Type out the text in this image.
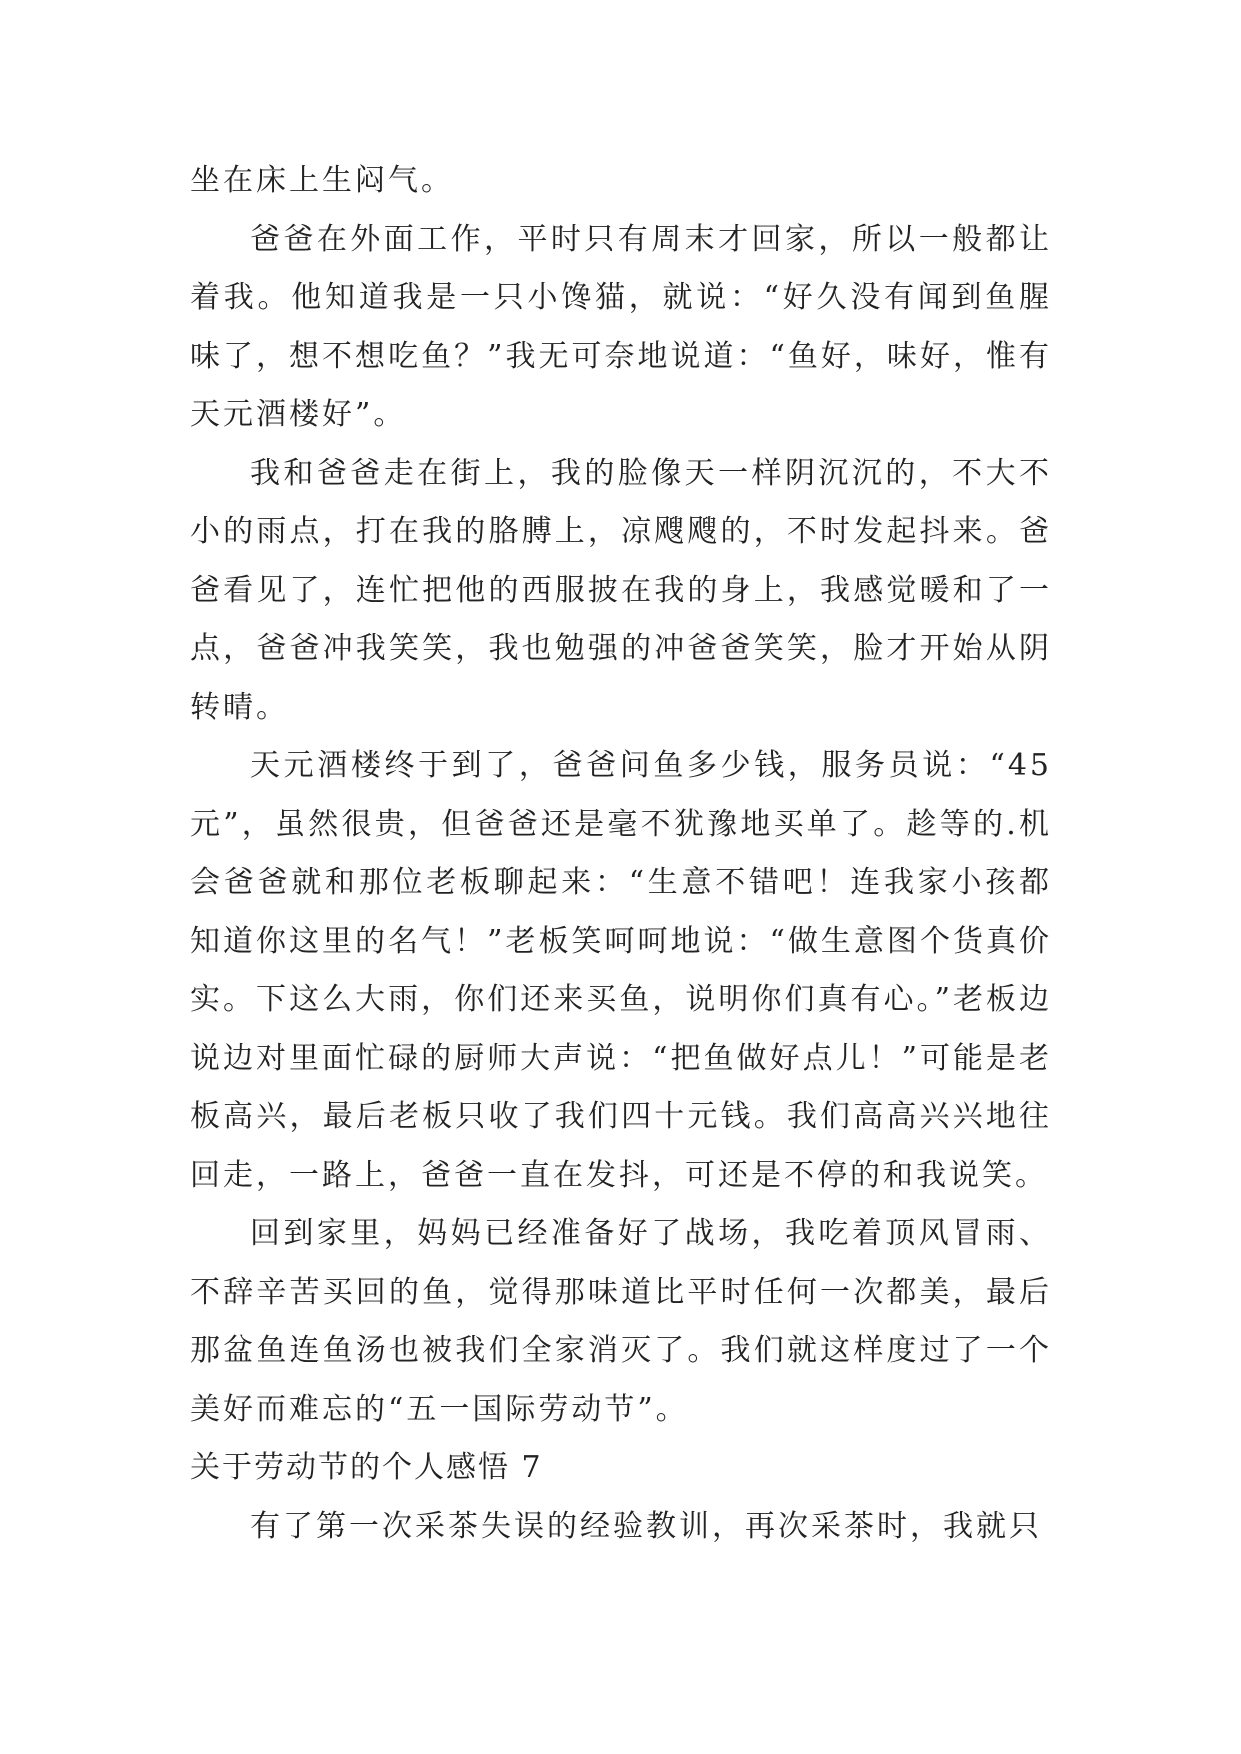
坐在床上生闷气。

爸爸在外面工作，平时只有周末才回家，所以一般都让着我。他知道我是一只小馋猫，就说：“好久没有闻到鱼腥味了，想不想吃鱼？”我无可奈地说道：“鱼好，味好，惟有天元酒楼好”。

我和爸爸走在街上，我的脸像天一样阴沉沉的，不大不小的雨点，打在我的胳膊上，凉飕飕的，不时发起抖来。爸爸看见了，连忙把他的西服披在我的身上，我感觉暖和了一点，爸爸冲我笑笑，我也勉强的冲爸爸笑笑，脸才开始从阴转晴。

天元酒楼终于到了，爸爸问鱼多少钱，服务员说：“45元”，虽然很贵，但爸爸还是毫不犹豫地买单了。趁等的.机会爸爸就和那位老板聊起来：“生意不错吧！连我家小孩都知道你这里的名气！”老板笑呵呵地说：“做生意图个货真价实。下这么大雨，你们还来买鱼，说明你们真有心。”老板边说边对里面忙碌的厨师大声说：“把鱼做好点儿！”可能是老板高兴，最后老板只收了我们四十元钱。我们高高兴兴地往回走，一路上，爸爸一直在发抖，可还是不停的和我说笑。

回到家里，妈妈已经准备好了战场，我吃着顶风冒雨、不辞辛苦买回的鱼，觉得那味道比平时任何一次都美，最后那盆鱼连鱼汤也被我们全家消灭了。我们就这样度过了一个美好而难忘的“五一国际劳动节”。

关于劳动节的个人感悟 7

有了第一次采茶失误的经验教训，再次采茶时，我就只
